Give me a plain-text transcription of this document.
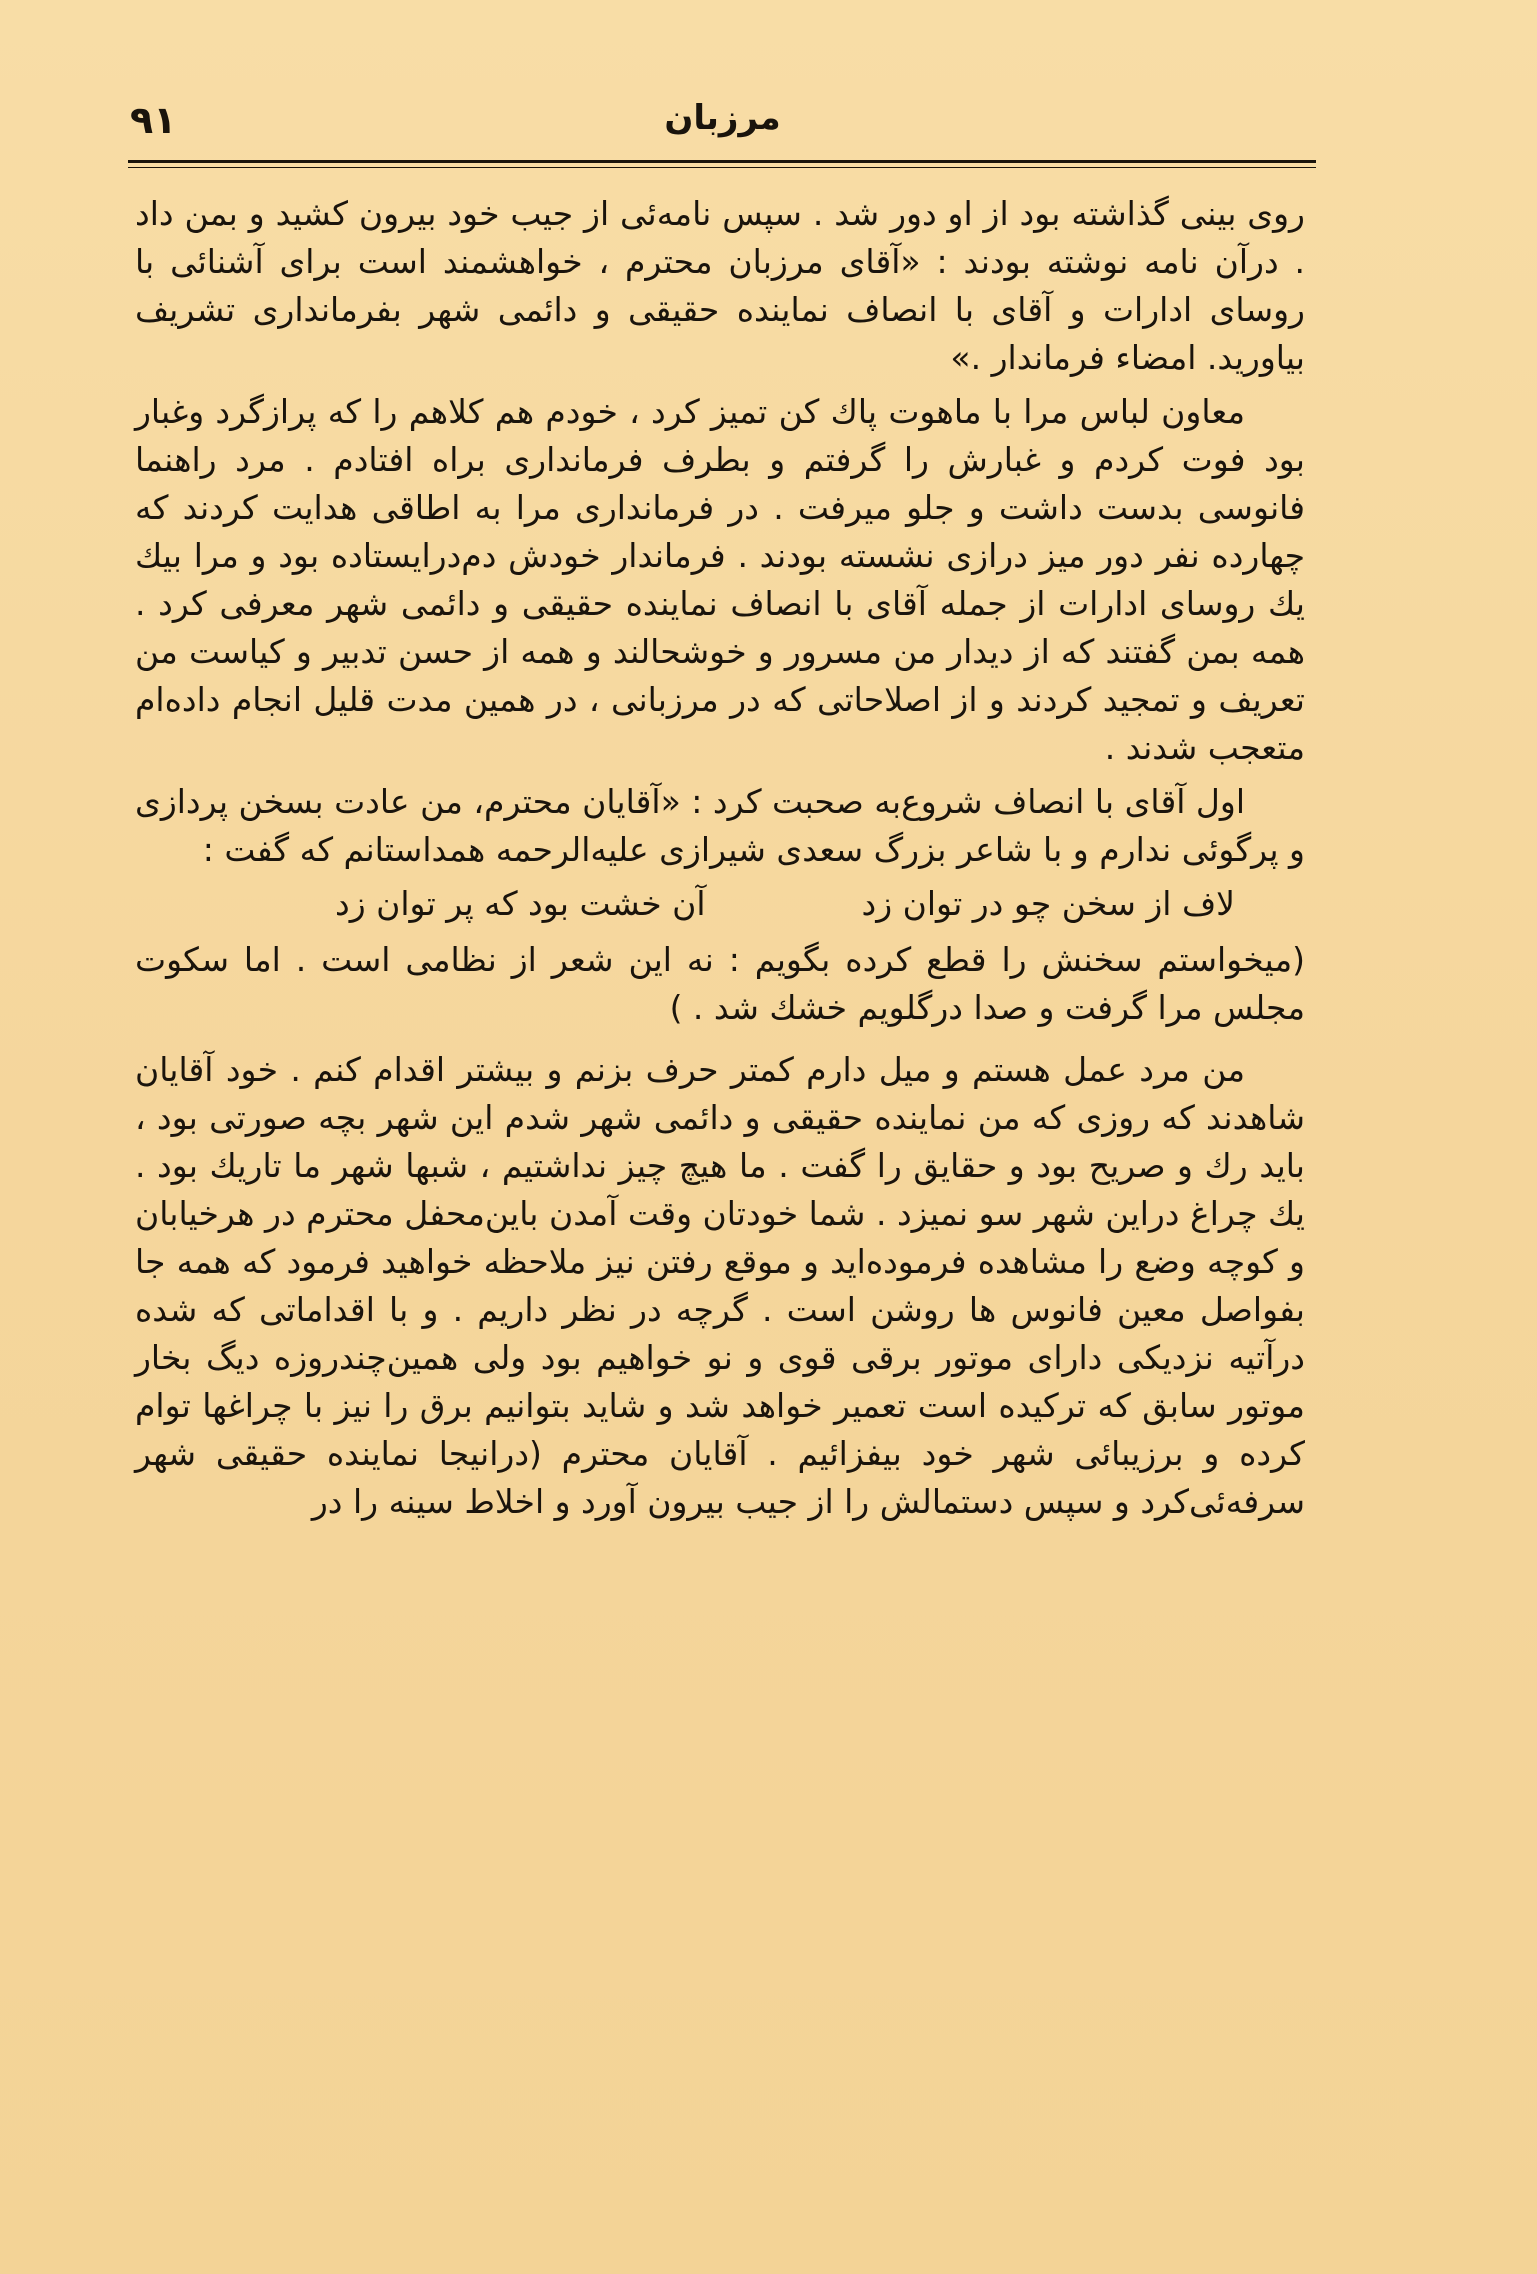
مرزبان
۹۱

روی بینی گذاشته بود از او دور شد . سپس نامه‌ئی از جیب خود بیرون کشید و بمن داد . درآن نامه نوشته بودند : «آقای مرزبان محترم ، خواهشمند است برای آشنائی با روسای ادارات و آقای با انصاف نماینده حقیقی و دائمی شهر بفرمانداری تشریف بیاورید. امضاء فرماندار .»

معاون لباس مرا با ماهوت پاك كن تميز كرد ، خودم هم كلاهم را كه پرازگرد وغبار بود فوت كردم و غبارش را گرفتم و بطرف فرمانداری براه افتادم . مرد راهنما فانوسی بدست داشت و جلو میرفت . در فرمانداری مرا به اطاقی هدایت کردند که چهارده نفر دور میز درازی نشسته بودند . فرماندار خودش دم‌درایستاده بود و مرا بیك یك روسای ادارات از جمله آقای با انصاف نماینده حقیقی و دائمی شهر معرفی کرد . همه بمن گفتند که از دیدار من مسرور و خوشحالند و همه از حسن تدبیر و کیاست من تعریف و تمجید کردند و از اصلاحاتی که در مرزبانی ، در همین مدت قلیل انجام داده‌ام متعجب شدند .

اول آقای با انصاف شروع‌به صحبت کرد : «آقایان محترم، من عادت بسخن پردازی و پرگوئی ندارم و با شاعر بزرگ سعدی شیرازی علیه‌الرحمه همداستانم که گفت :

لاف از سخن چو در توان زد
آن خشت بود که پر توان زد

(میخواستم سخنش را قطع کرده بگویم : نه این شعر از نظامی است . اما سکوت مجلس مرا گرفت و صدا درگلویم خشك شد . )

من مرد عمل هستم و میل دارم کمتر حرف بزنم و بیشتر اقدام کنم . خود آقایان شاهدند که روزی که من نماینده حقیقی و دائمی شهر شدم این شهر بچه صورتی بود ، باید رك و صریح بود و حقایق را گفت . ما هیچ چیز نداشتیم ، شبها شهر ما تاریك بود . یك چراغ دراین شهر سو نمیزد . شما خودتان وقت آمدن باین‌محفل محترم در هرخیابان و کوچه وضع را مشاهده فرموده‌اید و موقع رفتن نیز ملاحظه خواهید فرمود که همه جا بفواصل معین فانوس ها روشن است . گرچه در نظر داریم . و با اقداماتی که شده درآتیه نزدیکی دارای موتور برقی قوی و نو خواهیم بود ولی همین‌چندروزه دیگ بخار موتور سابق که ترکیده است تعمیر خواهد شد و شاید بتوانیم برق را نیز با چراغها توام کرده و برزیبائی شهر خود بیفزائیم . آقایان محترم (درانیجا نماینده حقیقی شهر سرفه‌ئی‌کرد و سپس دستمالش را از جیب بیرون آورد و اخلاط سینه را در
